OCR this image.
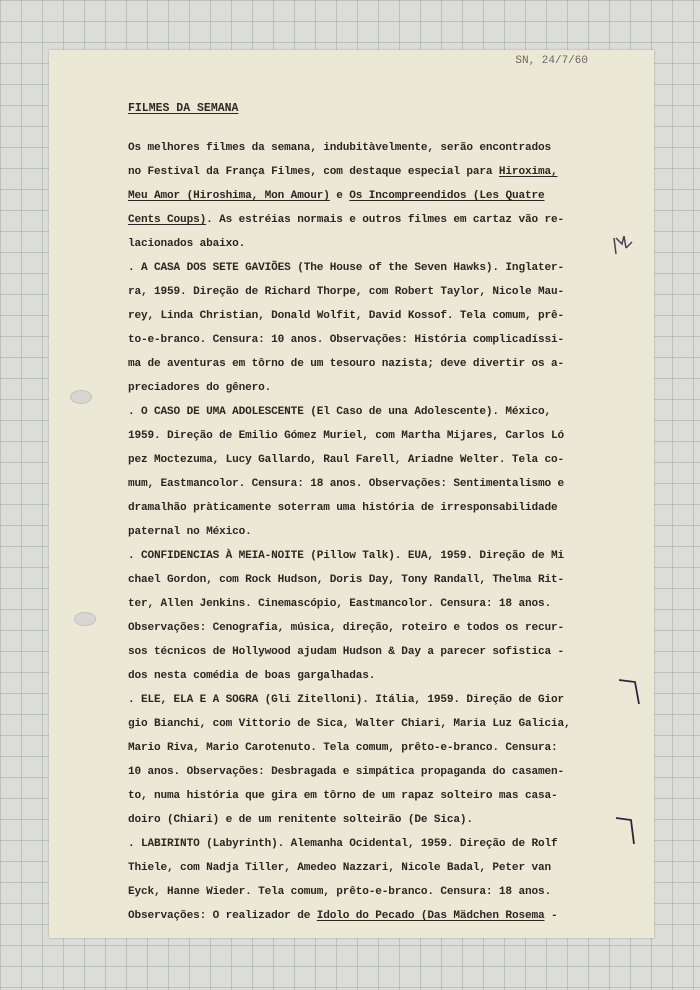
SN, 24/7/60
FILMES DA SEMANA
Os melhores filmes da semana, indubitàvelmente, serão encontrados
no Festival da França Filmes, com destaque especial para Hiroxima,
Meu Amor (Hiroshima, Mon Amour) e Os Incompreendidos (Les Quatre
Cents Coups). As estréias normais e outros filmes em cartaz vão re-
lacionados abaixo.
. A CASA DOS SETE GAVIÕES (The House of the Seven Hawks). Inglater-
ra, 1959. Direção de Richard Thorpe, com Robert Taylor, Nicole Mau-
rey, Linda Christian, Donald Wolfit, David Kossof. Tela comum, prê-
to-e-branco. Censura: 10 anos. Observações: História complicadíssi-
ma de aventuras em tôrno de um tesouro nazista; deve divertir os a-
preciadores do gênero.
. O CASO DE UMA ADOLESCENTE (El Caso de una Adolescente). México,
1959. Direção de Emilio Gómez Muriel, com Martha Mijares, Carlos Ló
pez Moctezuma, Lucy Gallardo, Raul Farell, Ariadne Welter. Tela co-
mum, Eastmancolor. Censura: 18 anos. Observações: Sentimentalismo e
dramalhão pràticamente soterram uma história de irresponsabilidade
paternal no México.
. CONFIDENCIAS À MEIA-NOITE (Pillow Talk). EUA, 1959. Direção de Mi
chael Gordon, com Rock Hudson, Doris Day, Tony Randall, Thelma Rit-
ter, Allen Jenkins. Cinemascópio, Eastmancolor. Censura: 18 anos.
Observações: Cenografia, música, direção, roteiro e todos os recur-
sos técnicos de Hollywood ajudam Hudson & Day a parecer sofistica -
dos nesta comédia de boas gargalhadas.
. ELE, ELA E A SOGRA (Gli Zitelloni). Itália, 1959. Direção de Gior
gio Bianchi, com Vittorio de Sica, Walter Chiari, Maria Luz Galicia,
Mario Riva, Mario Carotenuto. Tela comum, prêto-e-branco. Censura:
10 anos. Observações: Desbragada e simpática propaganda do casamen-
to, numa história que gira em tôrno de um rapaz solteiro mas casa-
doiro (Chiari) e de um renitente solteirão (De Sica).
. LABIRINTO (Labyrinth). Alemanha Ocidental, 1959. Direção de Rolf
Thiele, com Nadja Tiller, Amedeo Nazzari, Nicole Badal, Peter van
Eyck, Hanne Wieder. Tela comum, prêto-e-branco. Censura: 18 anos.
Observações: O realizador de Idolo do Pecado (Das Mädchen Rosema -
